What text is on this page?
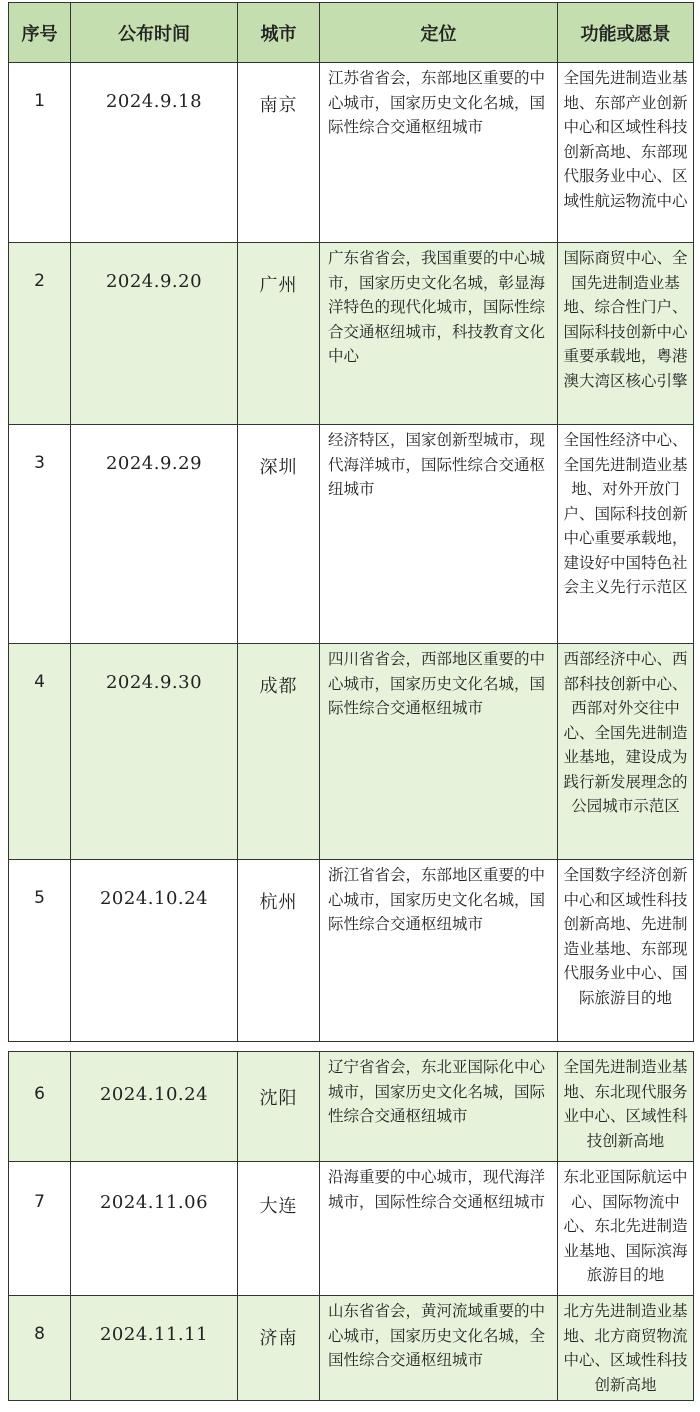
序号	公布时间	城市	定位	功能或愿景

1	2024.9.18	南京	江苏省省会，东部地区重要的中心城市，国家历史文化名城，国际性综合交通枢纽城市	全国先进制造业基地、东部产业创新中心和区域性科技创新高地、东部现代服务业中心、区域性航运物流中心

2	2024.9.20	广州	广东省省会，我国重要的中心城市，国家历史文化名城，彰显海洋特色的现代化城市，国际性综合交通枢纽城市，科技教育文化中心	国际商贸中心、全国先进制造业基地、综合性门户、国际科技创新中心重要承载地，粤港澳大湾区核心引擎

3	2024.9.29	深圳	经济特区，国家创新型城市，现代海洋城市，国际性综合交通枢纽城市	全国性经济中心、全国先进制造业基地、对外开放门户、国际科技创新中心重要承载地，建设好中国特色社会主义先行示范区

4	2024.9.30	成都	四川省省会，西部地区重要的中心城市，国家历史文化名城，国际性综合交通枢纽城市	西部经济中心、西部科技创新中心、西部对外交往中心、全国先进制造业基地，建设成为践行新发展理念的公园城市示范区

5	2024.10.24	杭州	浙江省省会，东部地区重要的中心城市，国家历史文化名城，国际性综合交通枢纽城市	全国数字经济创新中心和区域性科技创新高地、先进制造业基地、东部现代服务业中心、国际旅游目的地
6	2024.10.24	沈阳	辽宁省省会，东北亚国际化中心城市，国家历史文化名城，国际性综合交通枢纽城市	全国先进制造业基地、东北现代服务业中心、区域性科技创新高地

7	2024.11.06	大连	沿海重要的中心城市，现代海洋城市，国际性综合交通枢纽城市	东北亚国际航运中心、国际物流中心、东北先进制造业基地、国际滨海旅游目的地

8	2024.11.11	济南	山东省省会，黄河流域重要的中心城市，国家历史文化名城，全国性综合交通枢纽城市	北方先进制造业基地、北方商贸物流中心、区域性科技创新高地
